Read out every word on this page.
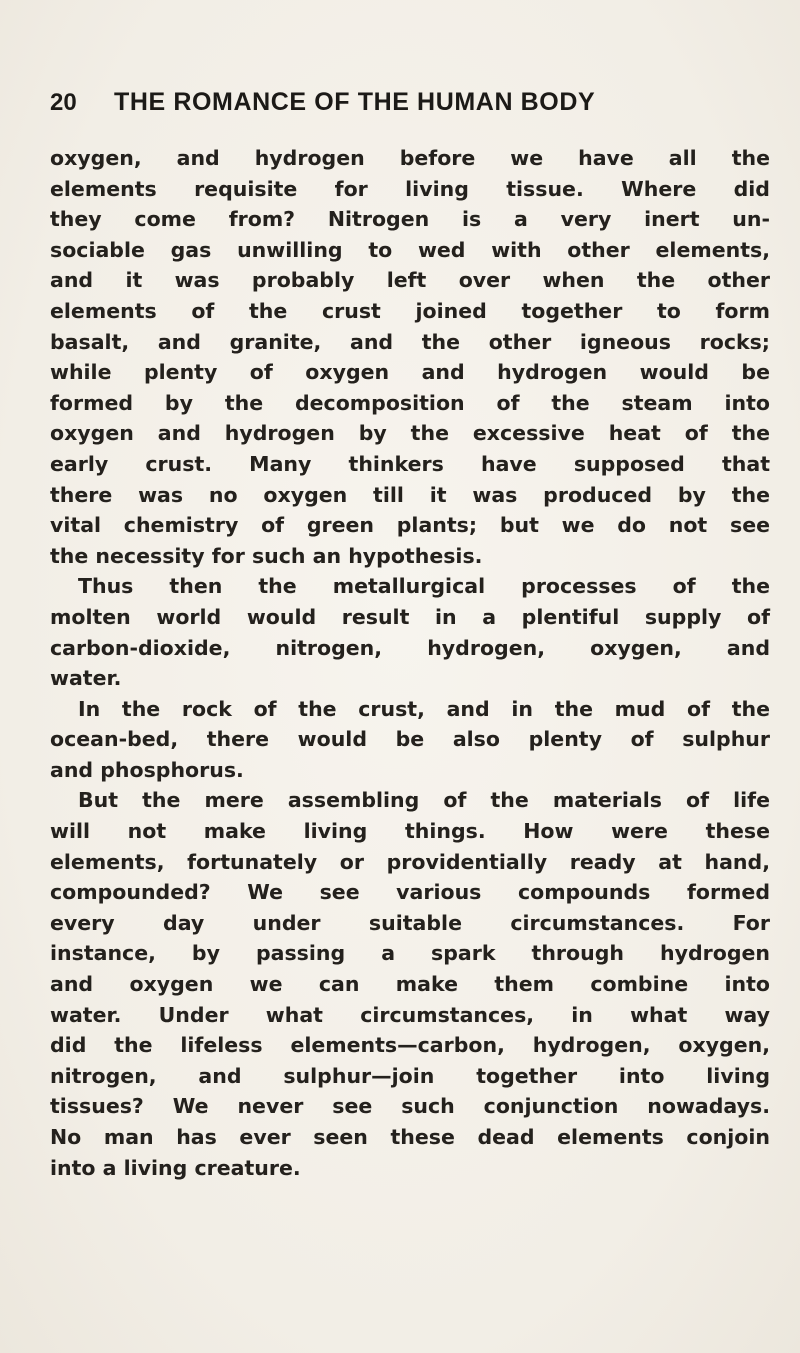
20	THE ROMANCE OF THE HUMAN BODY
oxygen, and hydrogen before we have all the
elements requisite for living tissue. Where did
they come from? Nitrogen is a very inert un-
sociable gas unwilling to wed with other elements,
and it was probably left over when the other
elements of the crust joined together to form
basalt, and granite, and the other igneous rocks;
while plenty of oxygen and hydrogen would be
formed by the decomposition of the steam into
oxygen and hydrogen by the excessive heat of the
early crust. Many thinkers have supposed that
there was no oxygen till it was produced by the
vital chemistry of green plants; but we do not see
the necessity for such an hypothesis.
Thus then the metallurgical processes of the
molten world would result in a plentiful supply of
carbon-dioxide, nitrogen, hydrogen, oxygen, and
water.
In the rock of the crust, and in the mud of the
ocean-bed, there would be also plenty of sulphur
and phosphorus.
But the mere assembling of the materials of life
will not make living things. How were these
elements, fortunately or providentially ready at hand,
compounded? We see various compounds formed
every day under suitable circumstances. For
instance, by passing a spark through hydrogen
and oxygen we can make them combine into
water. Under what circumstances, in what way
did the lifeless elements—carbon, hydrogen, oxygen,
nitrogen, and sulphur—join together into living
tissues? We never see such conjunction nowadays.
No man has ever seen these dead elements conjoin
into a living creature.
